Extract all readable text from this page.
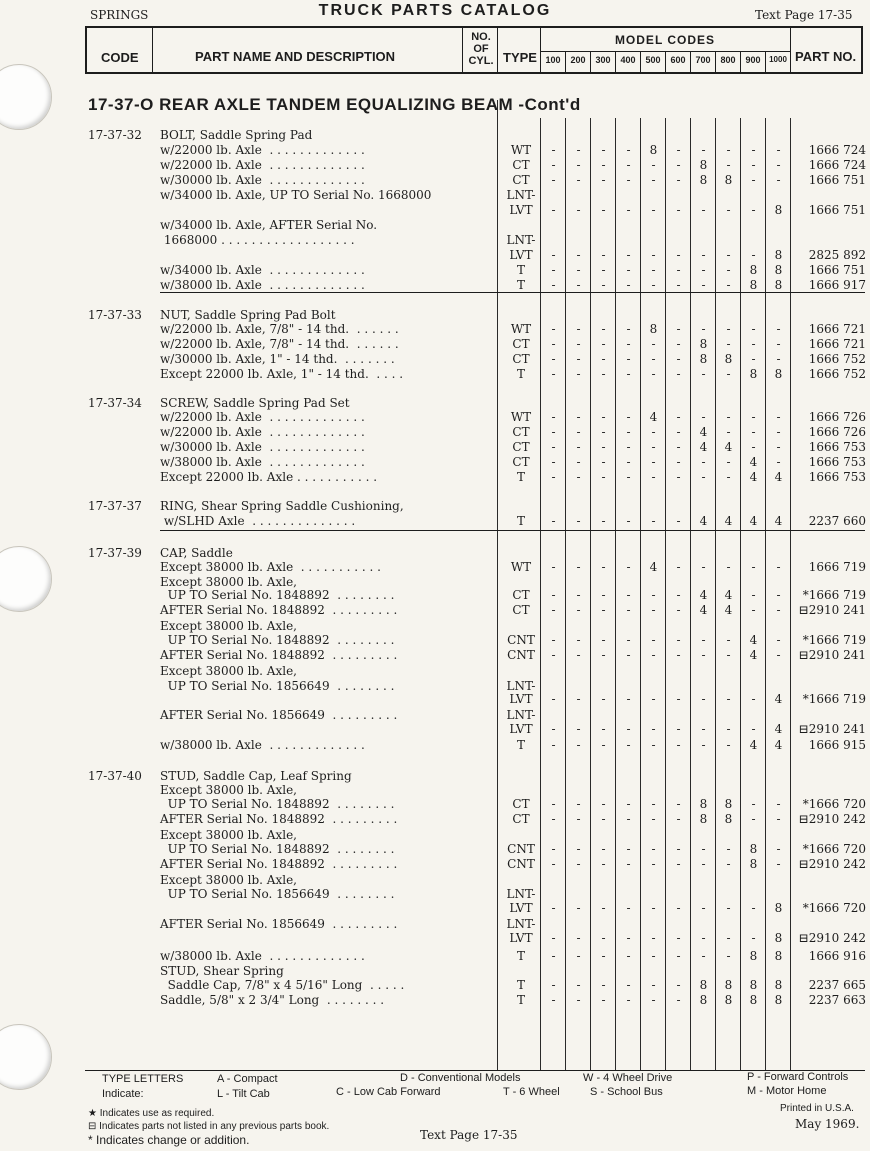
SPRINGS	TRUCK PARTS CATALOG	Text Page 17-35
CODE	PART NAME AND DESCRIPTION
NO.
OF
CYL. TYPE
MODEL CODES
100	200	300	400	500	600	700	800	900	1000 PART NO.
17-37-O REAR AXLE TANDEM EQUALIZING BEAM -Cont'd
17-37-32 BOLT, Saddle Spring Pad
w/22000 lb. Axle  . . . . . . . . . . . . .	WT	-	-	-	-	8	-	-	-	-	-	1666 724
w/22000 lb. Axle  . . . . . . . . . . . . .	CT	-	-	-	-	-	-	8	-	-	-	1666 724
w/30000 lb. Axle  . . . . . . . . . . . . .	CT	-	-	-	-	-	-	8	8	-	-	1666 751
w/34000 lb. Axle, UP TO Serial No. 1668000	LNT-
LVT	-	-	-	-	-	-	-	-	-	8	1666 751
w/34000 lb. Axle, AFTER Serial No.
1668000 . . . . . . . . . . . . . . . . . .	LNT-
LVT	-	-	-	-	-	-	-	-	-	8	2825 892
w/34000 lb. Axle  . . . . . . . . . . . . .	T	-	-	-	-	-	-	-	-	8	8	1666 751
w/38000 lb. Axle  . . . . . . . . . . . . .	T	-	-	-	-	-	-	-	-	8	8	1666 917
17-37-33 NUT, Saddle Spring Pad Bolt
w/22000 lb. Axle, 7/8" - 14 thd.  . . . . . .	WT	-	-	-	-	8	-	-	-	-	-	1666 721
w/22000 lb. Axle, 7/8" - 14 thd.  . . . . . .	CT	-	-	-	-	-	-	8	-	-	-	1666 721
w/30000 lb. Axle, 1" - 14 thd.  . . . . . . .	CT	-	-	-	-	-	-	8	8	-	-	1666 752
Except 22000 lb. Axle, 1" - 14 thd.  . . . .	T	-	-	-	-	-	-	-	-	8	8	1666 752
17-37-34 SCREW, Saddle Spring Pad Set
w/22000 lb. Axle  . . . . . . . . . . . . .	WT	-	-	-	-	4	-	-	-	-	-	1666 726
w/22000 lb. Axle  . . . . . . . . . . . . .	CT	-	-	-	-	-	-	4	-	-	-	1666 726
w/30000 lb. Axle  . . . . . . . . . . . . .	CT	-	-	-	-	-	-	4	4	-	-	1666 753
w/38000 lb. Axle  . . . . . . . . . . . . .	CT	-	-	-	-	-	-	-	-	4	-	1666 753
Except 22000 lb. Axle . . . . . . . . . . .	T	-	-	-	-	-	-	-	-	4	4	1666 753
17-37-37 RING, Shear Spring Saddle Cushioning,
w/SLHD Axle  . . . . . . . . . . . . . .	T	-	-	-	-	-	-	4	4	4	4	2237 660
17-37-39 CAP, Saddle
Except 38000 lb. Axle  . . . . . . . . . . .	WT	-	-	-	-	4	-	-	-	-	-	1666 719
Except 38000 lb. Axle,
UP TO Serial No. 1848892  . . . . . . . .	CT	-	-	-	-	-	-	4	4	-	-	*1666 719
AFTER Serial No. 1848892  . . . . . . . . .	CT	-	-	-	-	-	-	4	4	-	-	⊟2910 241
Except 38000 lb. Axle,
UP TO Serial No. 1848892  . . . . . . . .	CNT	-	-	-	-	-	-	-	-	4	-	*1666 719
AFTER Serial No. 1848892  . . . . . . . . .	CNT	-	-	-	-	-	-	-	-	4	-	⊟2910 241
Except 38000 lb. Axle,
UP TO Serial No. 1856649  . . . . . . . .	LNT-
LVT	-	-	-	-	-	-	-	-	-	4	*1666 719
AFTER Serial No. 1856649  . . . . . . . . .	LNT-
LVT	-	-	-	-	-	-	-	-	-	4	⊟2910 241
w/38000 lb. Axle  . . . . . . . . . . . . .	T	-	-	-	-	-	-	-	-	4	4	1666 915
17-37-40 STUD, Saddle Cap, Leaf Spring
Except 38000 lb. Axle,
UP TO Serial No. 1848892  . . . . . . . .	CT	-	-	-	-	-	-	8	8	-	-	*1666 720
AFTER Serial No. 1848892  . . . . . . . . .	CT	-	-	-	-	-	-	8	8	-	-	⊟2910 242
Except 38000 lb. Axle,
UP TO Serial No. 1848892  . . . . . . . .	CNT	-	-	-	-	-	-	-	-	8	-	*1666 720
AFTER Serial No. 1848892  . . . . . . . . .	CNT	-	-	-	-	-	-	-	-	8	-	⊟2910 242
Except 38000 lb. Axle,
UP TO Serial No. 1856649  . . . . . . . .	LNT-
LVT	-	-	-	-	-	-	-	-	-	8	*1666 720
AFTER Serial No. 1856649  . . . . . . . . .	LNT-
LVT	-	-	-	-	-	-	-	-	-	8	⊟2910 242
w/38000 lb. Axle  . . . . . . . . . . . . .	T	-	-	-	-	-	-	-	-	8	8	1666 916
STUD, Shear Spring
Saddle Cap, 7/8" x 4 5/16" Long  . . . . .	T	-	-	-	-	-	-	8	8	8	8	2237 665
Saddle, 5/8" x 2 3/4" Long  . . . . . . . .	T	-	-	-	-	-	-	8	8	8	8	2237 663
TYPE LETTERS
Indicate:
A - Compact
L - Tilt Cab	C - Low Cab Forward
D - Conventional Models
T - 6 Wheel
W - 4 Wheel Drive
S - School Bus
P - Forward Controls
M - Motor Home
★ Indicates use as required.
⊟ Indicates parts not listed in any previous parts book.
* Indicates change or addition.	Text Page 17-35
Printed in U.S.A.
May 1969.
